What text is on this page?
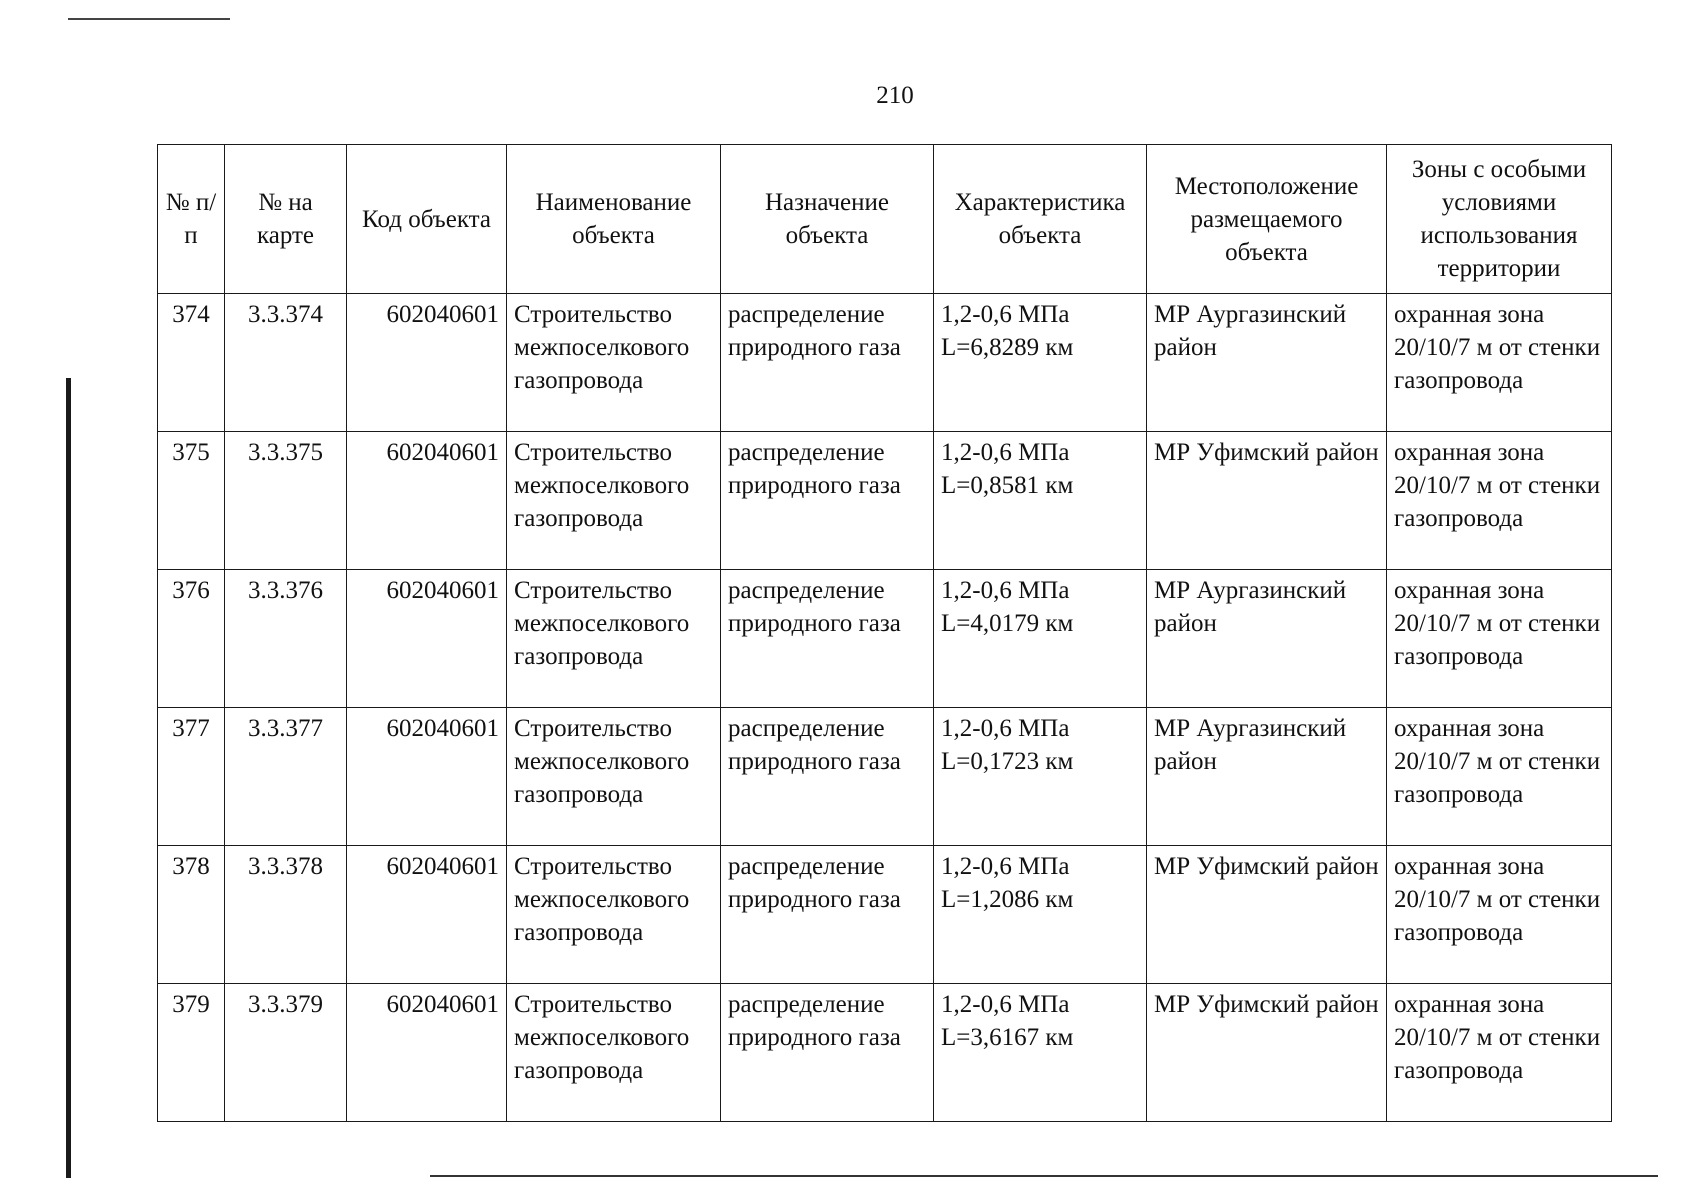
210
№ п/п	№ на карте	Код объекта	Наименование объекта	Назначение объекта	Характеристика объекта	Местоположение размещаемого объекта	Зоны с особыми условиями использования территории
374	3.3.374	602040601	Строительство межпоселкового газопровода	распределение природного газа	1,2-0,6 МПа L=6,8289 км	МР Аургазинский район	охранная зона 20/10/7 м от стенки газопровода
375	3.3.375	602040601	Строительство межпоселкового газопровода	распределение природного газа	1,2-0,6 МПа L=0,8581 км	МР Уфимский район	охранная зона 20/10/7 м от стенки газопровода
376	3.3.376	602040601	Строительство межпоселкового газопровода	распределение природного газа	1,2-0,6 МПа L=4,0179 км	МР Аургазинский район	охранная зона 20/10/7 м от стенки газопровода
377	3.3.377	602040601	Строительство межпоселкового газопровода	распределение природного газа	1,2-0,6 МПа L=0,1723 км	МР Аургазинский район	охранная зона 20/10/7 м от стенки газопровода
378	3.3.378	602040601	Строительство межпоселкового газопровода	распределение природного газа	1,2-0,6 МПа L=1,2086 км	МР Уфимский район	охранная зона 20/10/7 м от стенки газопровода
379	3.3.379	602040601	Строительство межпоселкового газопровода	распределение природного газа	1,2-0,6 МПа L=3,6167 км	МР Уфимский район	охранная зона 20/10/7 м от стенки газопровода
